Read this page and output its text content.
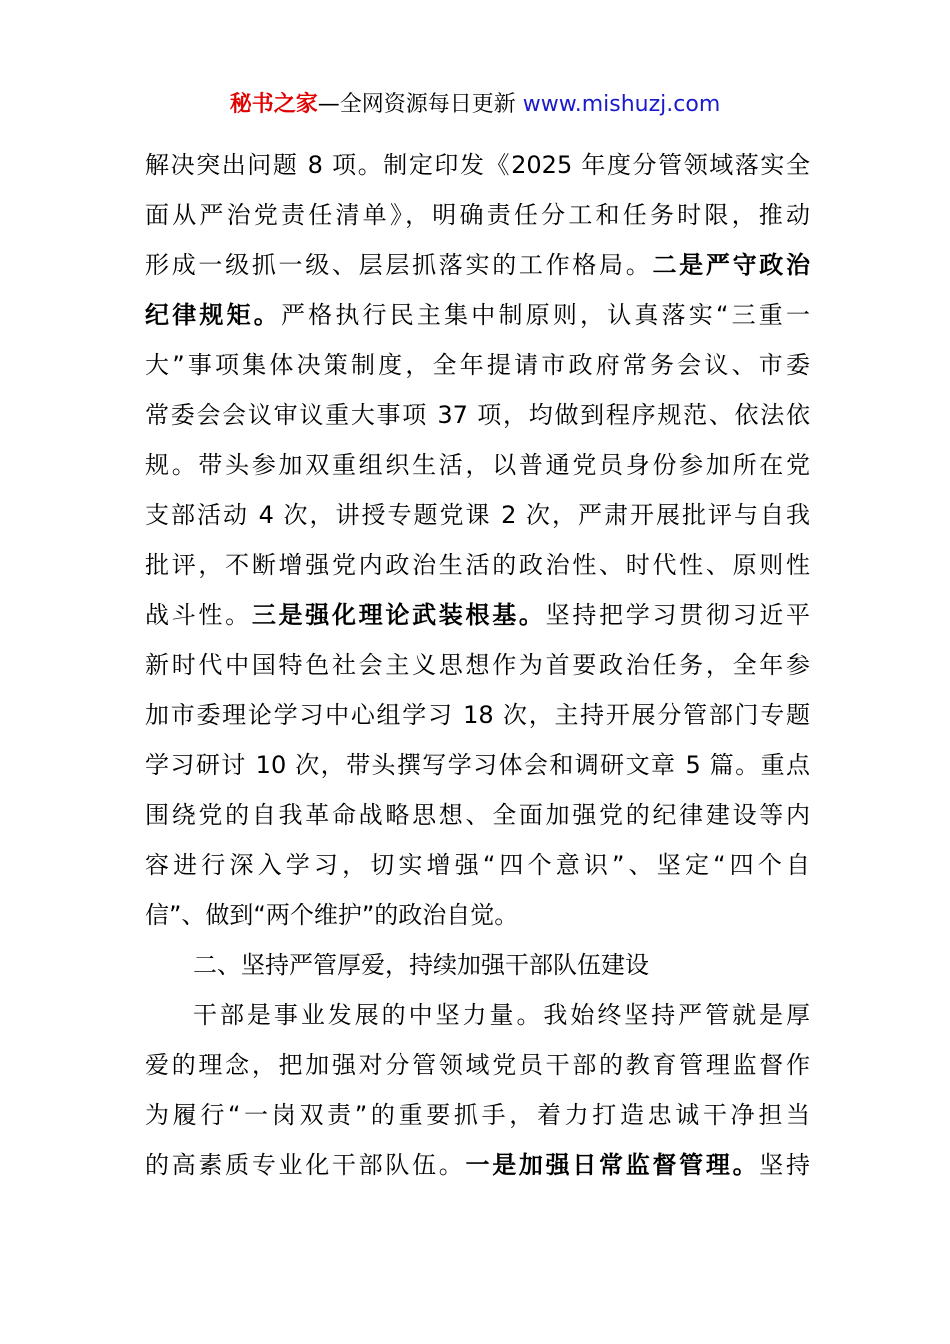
秘书之家—全网资源每日更新 www.mishuzj.com
解决突出问题 8 项。制定印发《2025 年度分管领域落实全
面从严治党责任清单》，明确责任分工和任务时限，推动
形成一级抓一级、层层抓落实的工作格局。二是严守政治
纪律规矩。严格执行民主集中制原则，认真落实“三重一
大”事项集体决策制度，全年提请市政府常务会议、市委
常委会会议审议重大事项 37 项，均做到程序规范、依法依
规。带头参加双重组织生活，以普通党员身份参加所在党
支部活动 4 次，讲授专题党课 2 次，严肃开展批评与自我
批评，不断增强党内政治生活的政治性、时代性、原则性
战斗性。三是强化理论武装根基。坚持把学习贯彻习近平
新时代中国特色社会主义思想作为首要政治任务，全年参
加市委理论学习中心组学习 18 次，主持开展分管部门专题
学习研讨 10 次，带头撰写学习体会和调研文章 5 篇。重点
围绕党的自我革命战略思想、全面加强党的纪律建设等内
容进行深入学习，切实增强“四个意识”、坚定“四个自
信”、做到“两个维护”的政治自觉。
二、坚持严管厚爱，持续加强干部队伍建设
干部是事业发展的中坚力量。我始终坚持严管就是厚
爱的理念，把加强对分管领域党员干部的教育管理监督作
为履行“一岗双责”的重要抓手，着力打造忠诚干净担当
的高素质专业化干部队伍。一是加强日常监督管理。坚持
